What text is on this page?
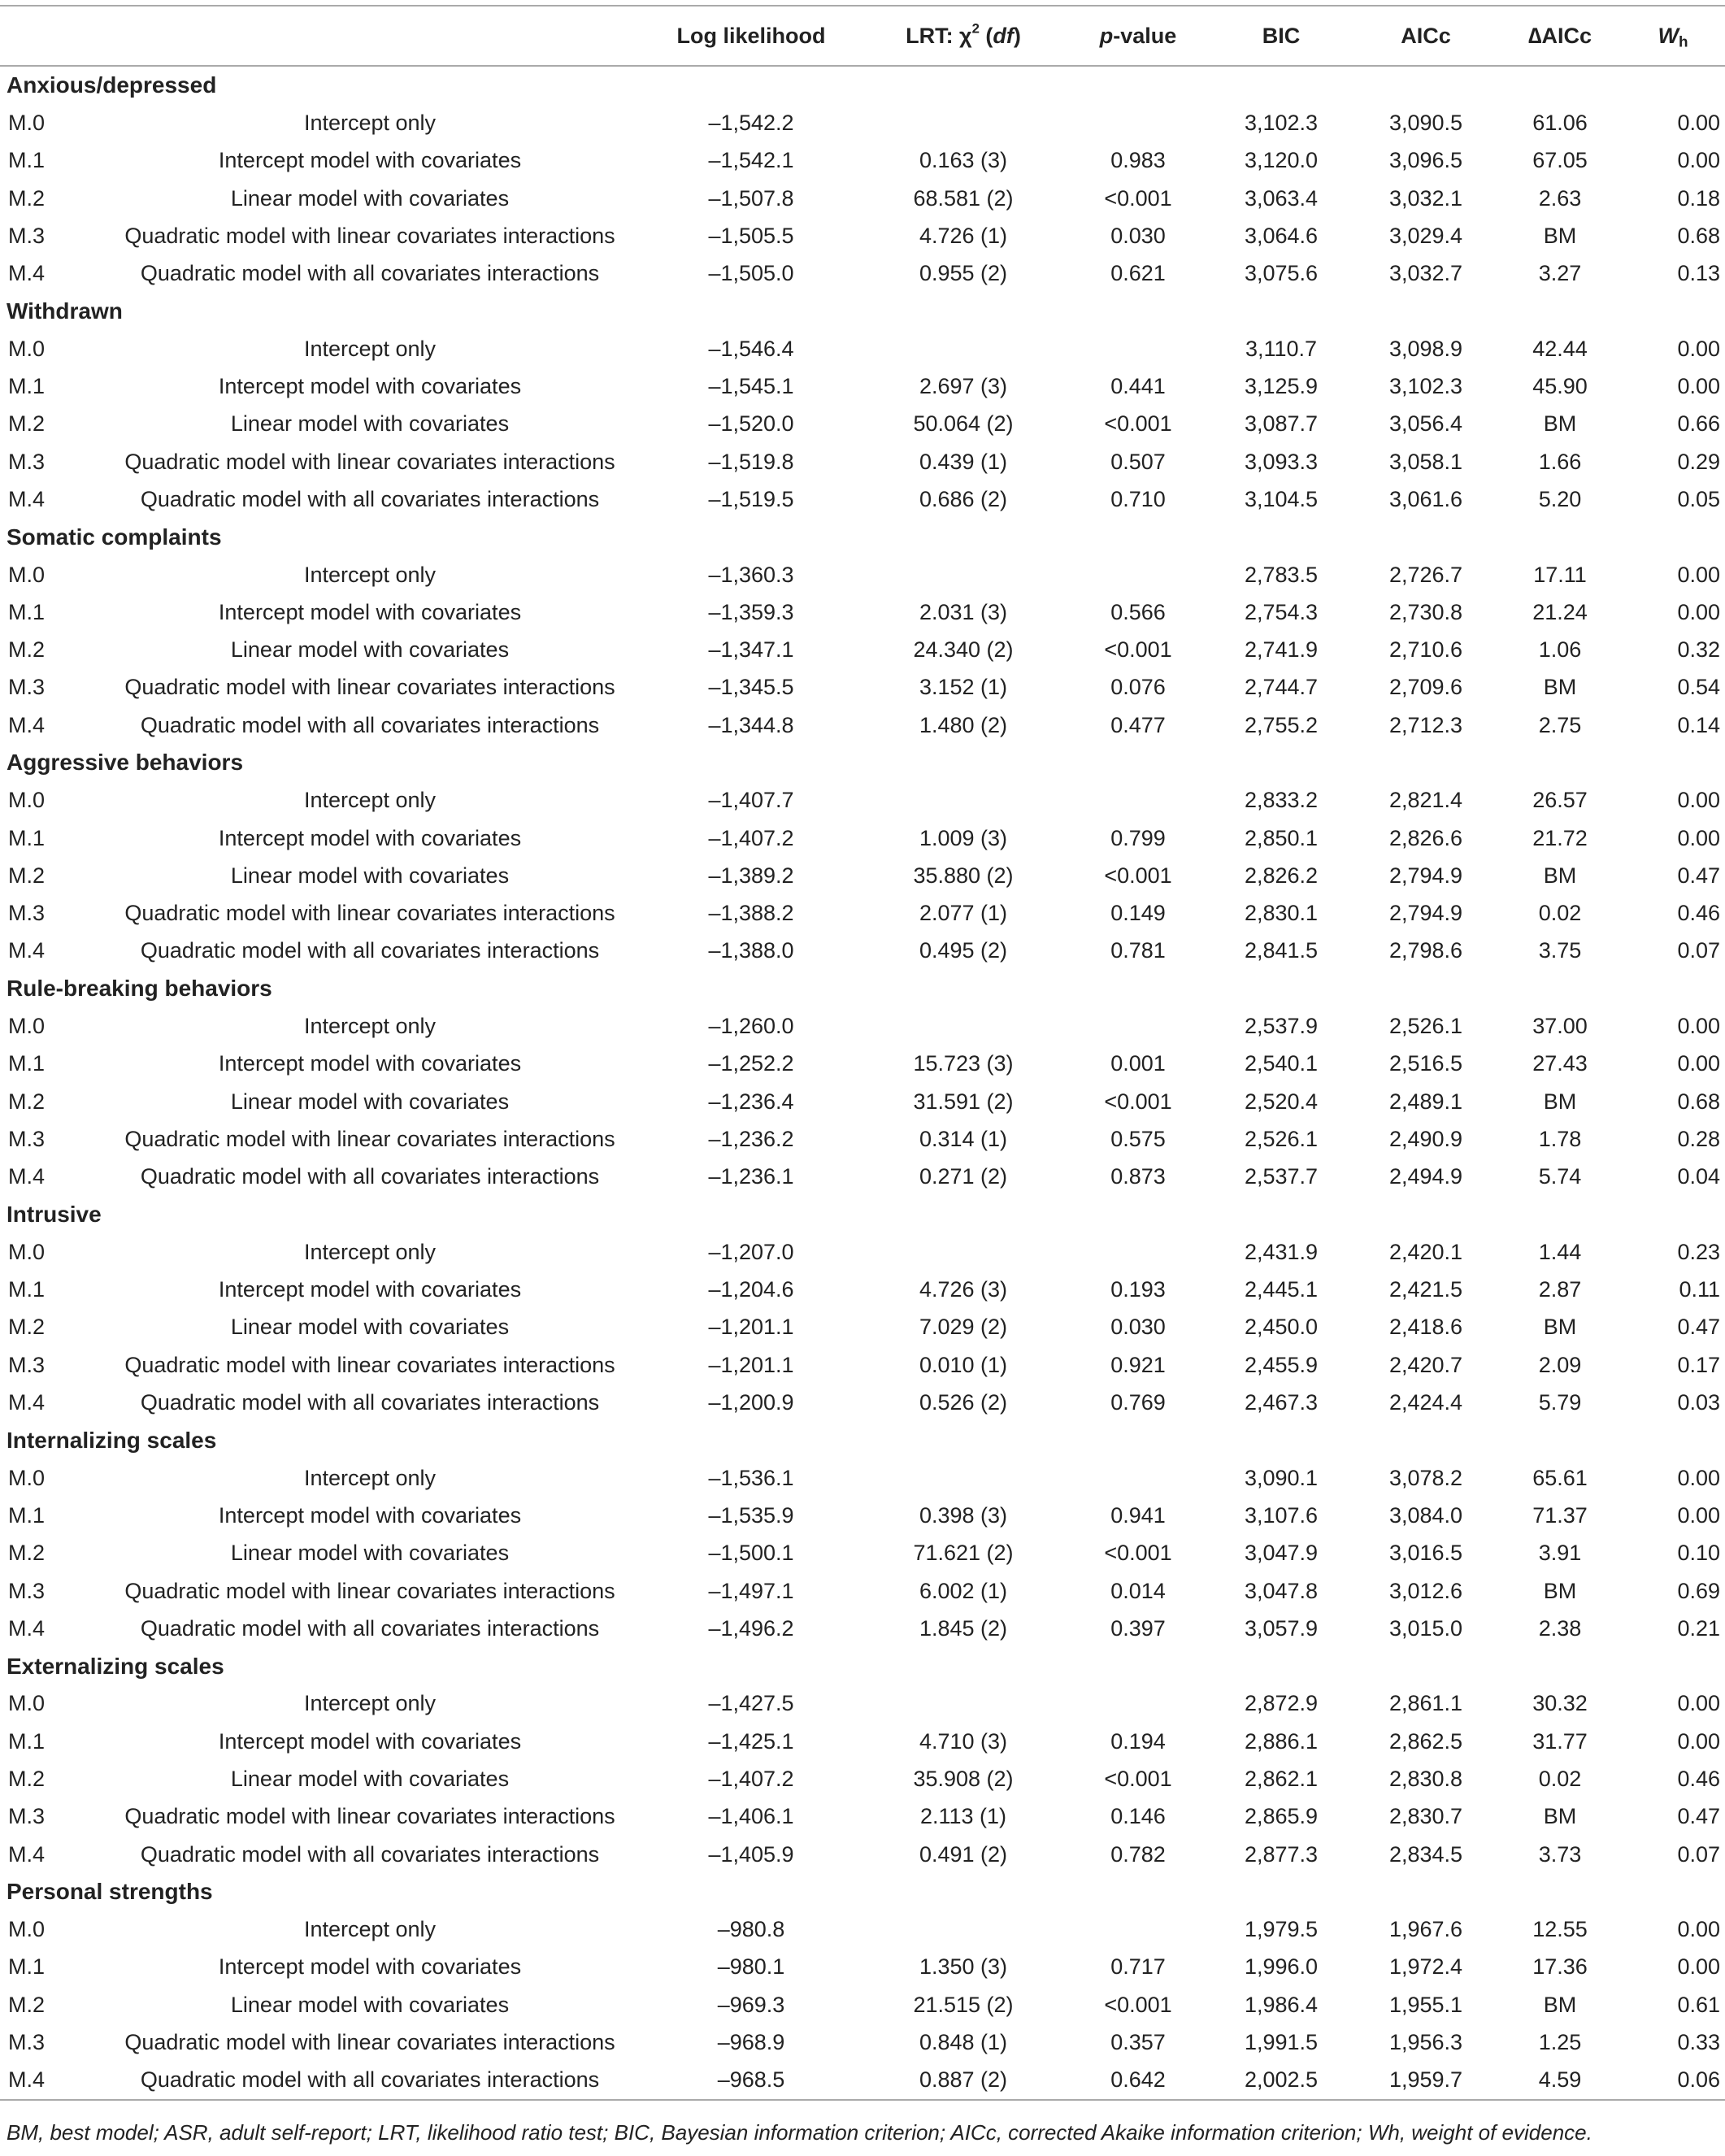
		Log likelihood	LRT: $\chi^2$ (df)	p-value	BIC	AICc	∆AICc	$W_h$
Anxious/depressed								
M.0	Intercept only	–1,542.2			3,102.3	3,090.5	61.06	0.00
M.1	Intercept model with covariates	–1,542.1	0.163 (3)	0.983	3,120.0	3,096.5	67.05	0.00
M.2	Linear model with covariates	–1,507.8	68.581 (2)	<0.001	3,063.4	3,032.1	2.63	0.18
M.3	Quadratic model with linear covariates interactions	–1,505.5	4.726 (1)	0.030	3,064.6	3,029.4	BM	0.68
M.4	Quadratic model with all covariates interactions	–1,505.0	0.955 (2)	0.621	3,075.6	3,032.7	3.27	0.13
Withdrawn								
M.0	Intercept only	–1,546.4			3,110.7	3,098.9	42.44	0.00
M.1	Intercept model with covariates	–1,545.1	2.697 (3)	0.441	3,125.9	3,102.3	45.90	0.00
M.2	Linear model with covariates	–1,520.0	50.064 (2)	<0.001	3,087.7	3,056.4	BM	0.66
M.3	Quadratic model with linear covariates interactions	–1,519.8	0.439 (1)	0.507	3,093.3	3,058.1	1.66	0.29
M.4	Quadratic model with all covariates interactions	–1,519.5	0.686 (2)	0.710	3,104.5	3,061.6	5.20	0.05
Somatic complaints								
M.0	Intercept only	–1,360.3			2,783.5	2,726.7	17.11	0.00
M.1	Intercept model with covariates	–1,359.3	2.031 (3)	0.566	2,754.3	2,730.8	21.24	0.00
M.2	Linear model with covariates	–1,347.1	24.340 (2)	<0.001	2,741.9	2,710.6	1.06	0.32
M.3	Quadratic model with linear covariates interactions	–1,345.5	3.152 (1)	0.076	2,744.7	2,709.6	BM	0.54
M.4	Quadratic model with all covariates interactions	–1,344.8	1.480 (2)	0.477	2,755.2	2,712.3	2.75	0.14
Aggressive behaviors								
M.0	Intercept only	–1,407.7			2,833.2	2,821.4	26.57	0.00
M.1	Intercept model with covariates	–1,407.2	1.009 (3)	0.799	2,850.1	2,826.6	21.72	0.00
M.2	Linear model with covariates	–1,389.2	35.880 (2)	<0.001	2,826.2	2,794.9	BM	0.47
M.3	Quadratic model with linear covariates interactions	–1,388.2	2.077 (1)	0.149	2,830.1	2,794.9	0.02	0.46
M.4	Quadratic model with all covariates interactions	–1,388.0	0.495 (2)	0.781	2,841.5	2,798.6	3.75	0.07
Rule-breaking behaviors								
M.0	Intercept only	–1,260.0			2,537.9	2,526.1	37.00	0.00
M.1	Intercept model with covariates	–1,252.2	15.723 (3)	0.001	2,540.1	2,516.5	27.43	0.00
M.2	Linear model with covariates	–1,236.4	31.591 (2)	<0.001	2,520.4	2,489.1	BM	0.68
M.3	Quadratic model with linear covariates interactions	–1,236.2	0.314 (1)	0.575	2,526.1	2,490.9	1.78	0.28
M.4	Quadratic model with all covariates interactions	–1,236.1	0.271 (2)	0.873	2,537.7	2,494.9	5.74	0.04
Intrusive								
M.0	Intercept only	–1,207.0			2,431.9	2,420.1	1.44	0.23
M.1	Intercept model with covariates	–1,204.6	4.726 (3)	0.193	2,445.1	2,421.5	2.87	0.11
M.2	Linear model with covariates	–1,201.1	7.029 (2)	0.030	2,450.0	2,418.6	BM	0.47
M.3	Quadratic model with linear covariates interactions	–1,201.1	0.010 (1)	0.921	2,455.9	2,420.7	2.09	0.17
M.4	Quadratic model with all covariates interactions	–1,200.9	0.526 (2)	0.769	2,467.3	2,424.4	5.79	0.03
Internalizing scales								
M.0	Intercept only	–1,536.1			3,090.1	3,078.2	65.61	0.00
M.1	Intercept model with covariates	–1,535.9	0.398 (3)	0.941	3,107.6	3,084.0	71.37	0.00
M.2	Linear model with covariates	–1,500.1	71.621 (2)	<0.001	3,047.9	3,016.5	3.91	0.10
M.3	Quadratic model with linear covariates interactions	–1,497.1	6.002 (1)	0.014	3,047.8	3,012.6	BM	0.69
M.4	Quadratic model with all covariates interactions	–1,496.2	1.845 (2)	0.397	3,057.9	3,015.0	2.38	0.21
Externalizing scales								
M.0	Intercept only	–1,427.5			2,872.9	2,861.1	30.32	0.00
M.1	Intercept model with covariates	–1,425.1	4.710 (3)	0.194	2,886.1	2,862.5	31.77	0.00
M.2	Linear model with covariates	–1,407.2	35.908 (2)	<0.001	2,862.1	2,830.8	0.02	0.46
M.3	Quadratic model with linear covariates interactions	–1,406.1	2.113 (1)	0.146	2,865.9	2,830.7	BM	0.47
M.4	Quadratic model with all covariates interactions	–1,405.9	0.491 (2)	0.782	2,877.3	2,834.5	3.73	0.07
Personal strengths								
M.0	Intercept only	–980.8			1,979.5	1,967.6	12.55	0.00
M.1	Intercept model with covariates	–980.1	1.350 (3)	0.717	1,996.0	1,972.4	17.36	0.00
M.2	Linear model with covariates	–969.3	21.515 (2)	<0.001	1,986.4	1,955.1	BM	0.61
M.3	Quadratic model with linear covariates interactions	–968.9	0.848 (1)	0.357	1,991.5	1,956.3	1.25	0.33
M.4	Quadratic model with all covariates interactions	–968.5	0.887 (2)	0.642	2,002.5	1,959.7	4.59	0.06
BM, best model; ASR, adult self-report; LRT, likelihood ratio test; BIC, Bayesian information criterion; AICc, corrected Akaike information criterion; Wh, weight of evidence.
